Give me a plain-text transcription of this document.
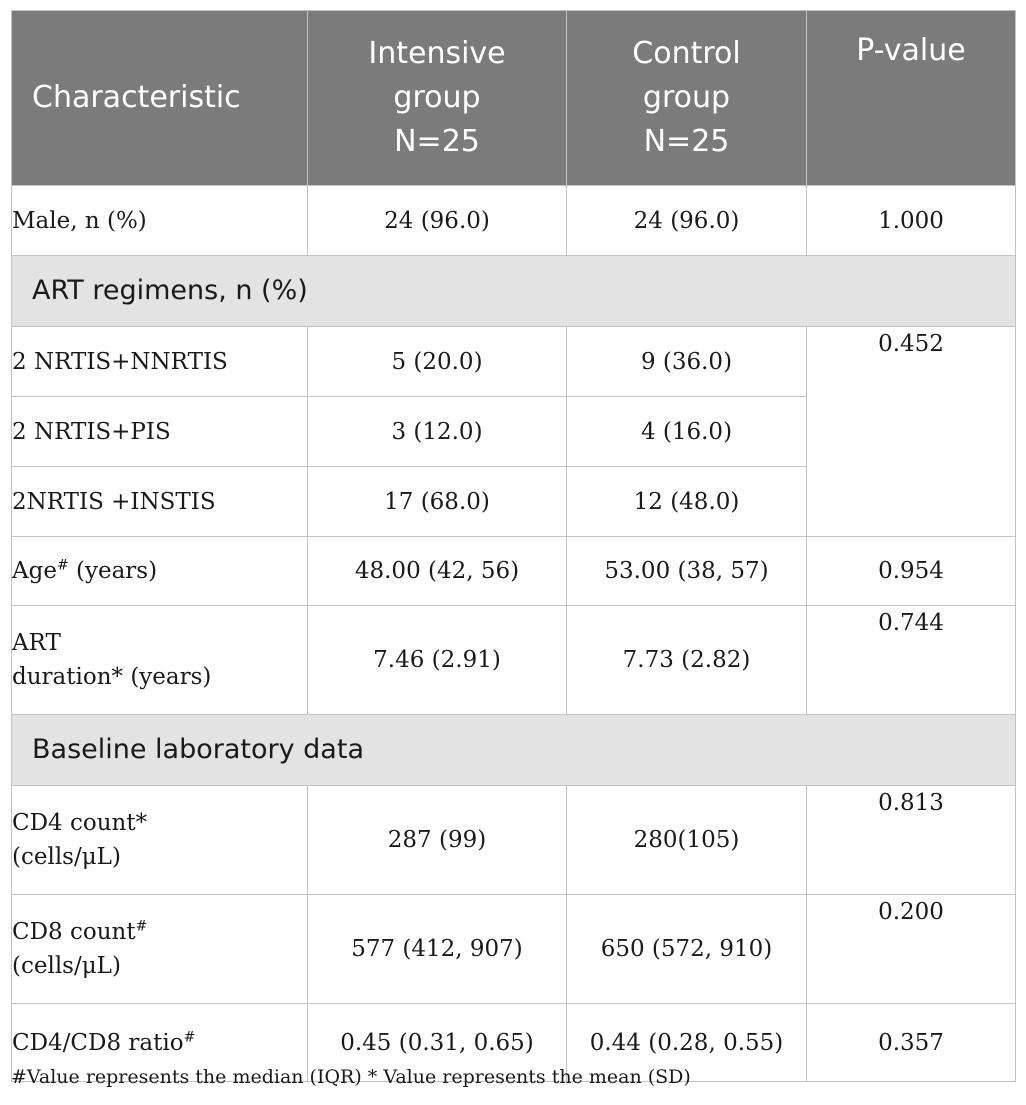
Characteristic	Intensive
group
N=25	Control
group
N=25	P-value
Male, n (%)	24 (96.0)	24 (96.0)	1.000
ART regimens, n (%)			
2 NRTIS+NNRTIS	5 (20.0)	9 (36.0)	0.452
2 NRTIS+PIS	3 (12.0)	4 (16.0)	
2NRTIS +INSTIS	17 (68.0)	12 (48.0)	
Age# (years)	48.00 (42, 56)	53.00 (38, 57)	0.954

ART
duration* (years)	7.46 (2.91)	7.73 (2.82)	0.744
Baseline laboratory data			

CD4 count*
(cells/μL)	287 (99)	280(105)	0.813

CD8 count#
(cells/μL)	577 (412, 907)	650 (572, 910)	0.200
CD4/CD8 ratio#	0.45 (0.31, 0.65)	0.44 (0.28, 0.55)	0.357
#Value represents the median (IQR) * Value represents the mean (SD)
